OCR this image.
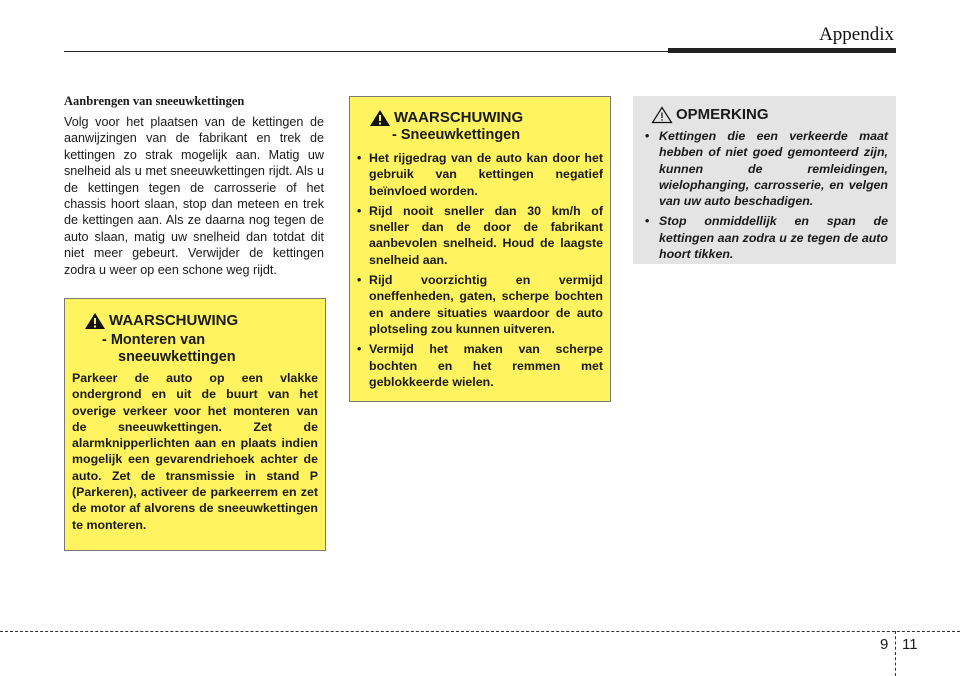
Appendix

Aanbrengen van sneeuwkettingen

Volg voor het plaatsen van de kettingen de aanwijzingen van de fabrikant en trek de kettingen zo strak mogelijk aan. Matig uw snelheid als u met sneeuwkettingen rijdt. Als u de kettingen tegen de carrosserie of het chassis hoort slaan, stop dan meteen en trek de kettingen aan. Als ze daarna nog tegen de auto slaan, matig uw snelheid dan totdat dit niet meer gebeurt. Verwijder de kettingen zodra u weer op een schone weg rijdt.

WAARSCHUWING
- Monteren van
sneeuwkettingen

Parkeer de auto op een vlakke ondergrond en uit de buurt van het overige verkeer voor het monteren van de sneeuwkettingen. Zet de alarmknipperlichten aan en plaats indien mogelijk een gevarendriehoek achter de auto. Zet de transmissie in stand P (Parkeren), activeer de parkeerrem en zet de motor af alvorens de sneeuwkettingen te monteren.

WAARSCHUWING
- Sneeuwkettingen
• Het rijgedrag van de auto kan door het gebruik van kettingen negatief beïnvloed worden.
• Rijd nooit sneller dan 30 km/h of sneller dan de door de fabrikant aanbevolen snelheid. Houd de laagste snelheid aan.
• Rijd voorzichtig en vermijd oneffenheden, gaten, scherpe bochten en andere situaties waardoor de auto plotseling zou kunnen uitveren.
• Vermijd het maken van scherpe bochten en het remmen met geblokkeerde wielen.
OPMERKING
• Kettingen die een verkeerde maat hebben of niet goed gemonteerd zijn, kunnen de remleidingen, wielophanging, carrosserie, en velgen van uw auto beschadigen.
• Stop onmiddellijk en span de kettingen aan zodra u ze tegen de auto hoort tikken.
9 11
